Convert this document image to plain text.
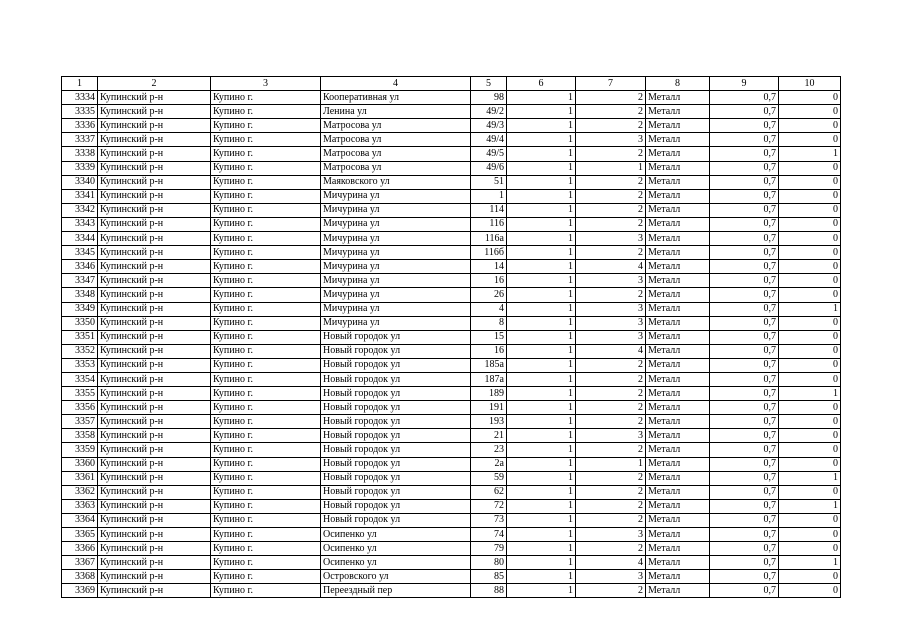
1	2	3	4	5	6	7	8	9	10
3334	Купинский р-н	Купино г.	Кооперативная ул	98	1	2	Металл	0,7	0
3335	Купинский р-н	Купино г.	Ленина ул	49/2	1	2	Металл	0,7	0
3336	Купинский р-н	Купино г.	Матросова ул	49/3	1	2	Металл	0,7	0
3337	Купинский р-н	Купино г.	Матросова ул	49/4	1	3	Металл	0,7	0
3338	Купинский р-н	Купино г.	Матросова ул	49/5	1	2	Металл	0,7	1
3339	Купинский р-н	Купино г.	Матросова ул	49/6	1	1	Металл	0,7	0
3340	Купинский р-н	Купино г.	Маяковского ул	51	1	2	Металл	0,7	0
3341	Купинский р-н	Купино г.	Мичурина ул	1	1	2	Металл	0,7	0
3342	Купинский р-н	Купино г.	Мичурина ул	114	1	2	Металл	0,7	0
3343	Купинский р-н	Купино г.	Мичурина ул	116	1	2	Металл	0,7	0
3344	Купинский р-н	Купино г.	Мичурина ул	116а	1	3	Металл	0,7	0
3345	Купинский р-н	Купино г.	Мичурина ул	116б	1	2	Металл	0,7	0
3346	Купинский р-н	Купино г.	Мичурина ул	14	1	4	Металл	0,7	0
3347	Купинский р-н	Купино г.	Мичурина ул	16	1	3	Металл	0,7	0
3348	Купинский р-н	Купино г.	Мичурина ул	26	1	2	Металл	0,7	0
3349	Купинский р-н	Купино г.	Мичурина ул	4	1	3	Металл	0,7	1
3350	Купинский р-н	Купино г.	Мичурина ул	8	1	3	Металл	0,7	0
3351	Купинский р-н	Купино г.	Новый городок ул	15	1	3	Металл	0,7	0
3352	Купинский р-н	Купино г.	Новый городок ул	16	1	4	Металл	0,7	0
3353	Купинский р-н	Купино г.	Новый городок ул	185а	1	2	Металл	0,7	0
3354	Купинский р-н	Купино г.	Новый городок ул	187а	1	2	Металл	0,7	0
3355	Купинский р-н	Купино г.	Новый городок ул	189	1	2	Металл	0,7	1
3356	Купинский р-н	Купино г.	Новый городок ул	191	1	2	Металл	0,7	0
3357	Купинский р-н	Купино г.	Новый городок ул	193	1	2	Металл	0,7	0
3358	Купинский р-н	Купино г.	Новый городок ул	21	1	3	Металл	0,7	0
3359	Купинский р-н	Купино г.	Новый городок ул	23	1	2	Металл	0,7	0
3360	Купинский р-н	Купино г.	Новый городок ул	2а	1	1	Металл	0,7	0
3361	Купинский р-н	Купино г.	Новый городок ул	59	1	2	Металл	0,7	1
3362	Купинский р-н	Купино г.	Новый городок ул	62	1	2	Металл	0,7	0
3363	Купинский р-н	Купино г.	Новый городок ул	72	1	2	Металл	0,7	1
3364	Купинский р-н	Купино г.	Новый городок ул	73	1	2	Металл	0,7	0
3365	Купинский р-н	Купино г.	Осипенко ул	74	1	3	Металл	0,7	0
3366	Купинский р-н	Купино г.	Осипенко ул	79	1	2	Металл	0,7	0
3367	Купинский р-н	Купино г.	Осипенко ул	80	1	4	Металл	0,7	1
3368	Купинский р-н	Купино г.	Островского ул	85	1	3	Металл	0,7	0
3369	Купинский р-н	Купино г.	Переездный пер	88	1	2	Металл	0,7	0
